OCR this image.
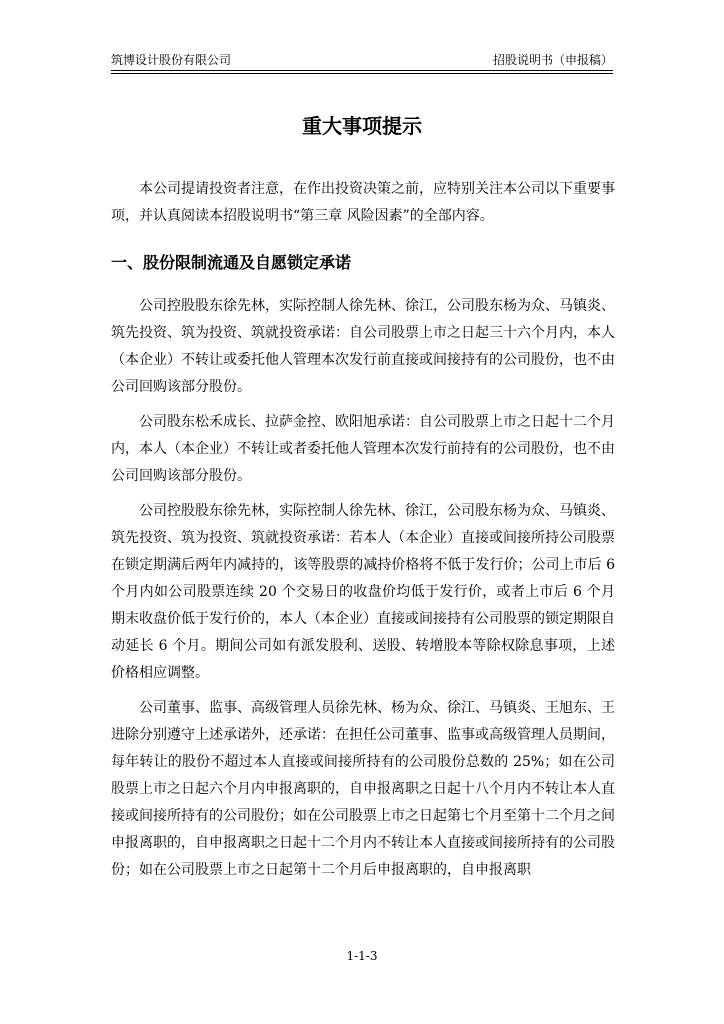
筑博设计股份有限公司	招股说明书（申报稿）
重大事项提示

本公司提请投资者注意，在作出投资决策之前，应特别关注本公司以下重要事项，并认真阅读本招股说明书“第三章 风险因素”的全部内容。

一、股份限制流通及自愿锁定承诺

公司控股股东徐先林，实际控制人徐先林、徐江，公司股东杨为众、马镇炎、筑先投资、筑为投资、筑就投资承诺：自公司股票上市之日起三十六个月内，本人（本企业）不转让或委托他人管理本次发行前直接或间接持有的公司股份，也不由公司回购该部分股份。

公司股东松禾成长、拉萨金控、欧阳旭承诺：自公司股票上市之日起十二个月内，本人（本企业）不转让或者委托他人管理本次发行前持有的公司股份，也不由公司回购该部分股份。

公司控股股东徐先林，实际控制人徐先林、徐江，公司股东杨为众、马镇炎、筑先投资、筑为投资、筑就投资承诺：若本人（本企业）直接或间接所持公司股票在锁定期满后两年内减持的，该等股票的减持价格将不低于发行价；公司上市后 6 个月内如公司股票连续 20 个交易日的收盘价均低于发行价，或者上市后 6 个月期末收盘价低于发行价的，本人（本企业）直接或间接持有公司股票的锁定期限自动延长 6 个月。期间公司如有派发股利、送股、转增股本等除权除息事项，上述价格相应调整。

公司董事、监事、高级管理人员徐先林、杨为众、徐江、马镇炎、王旭东、王进除分别遵守上述承诺外，还承诺：在担任公司董事、监事或高级管理人员期间，每年转让的股份不超过本人直接或间接所持有的公司股份总数的 25%；如在公司股票上市之日起六个月内申报离职的，自申报离职之日起十八个月内不转让本人直接或间接所持有的公司股份；如在公司股票上市之日起第七个月至第十二个月之间申报离职的，自申报离职之日起十二个月内不转让本人直接或间接所持有的公司股份；如在公司股票上市之日起第十二个月后申报离职的，自申报离职

1-1-3
